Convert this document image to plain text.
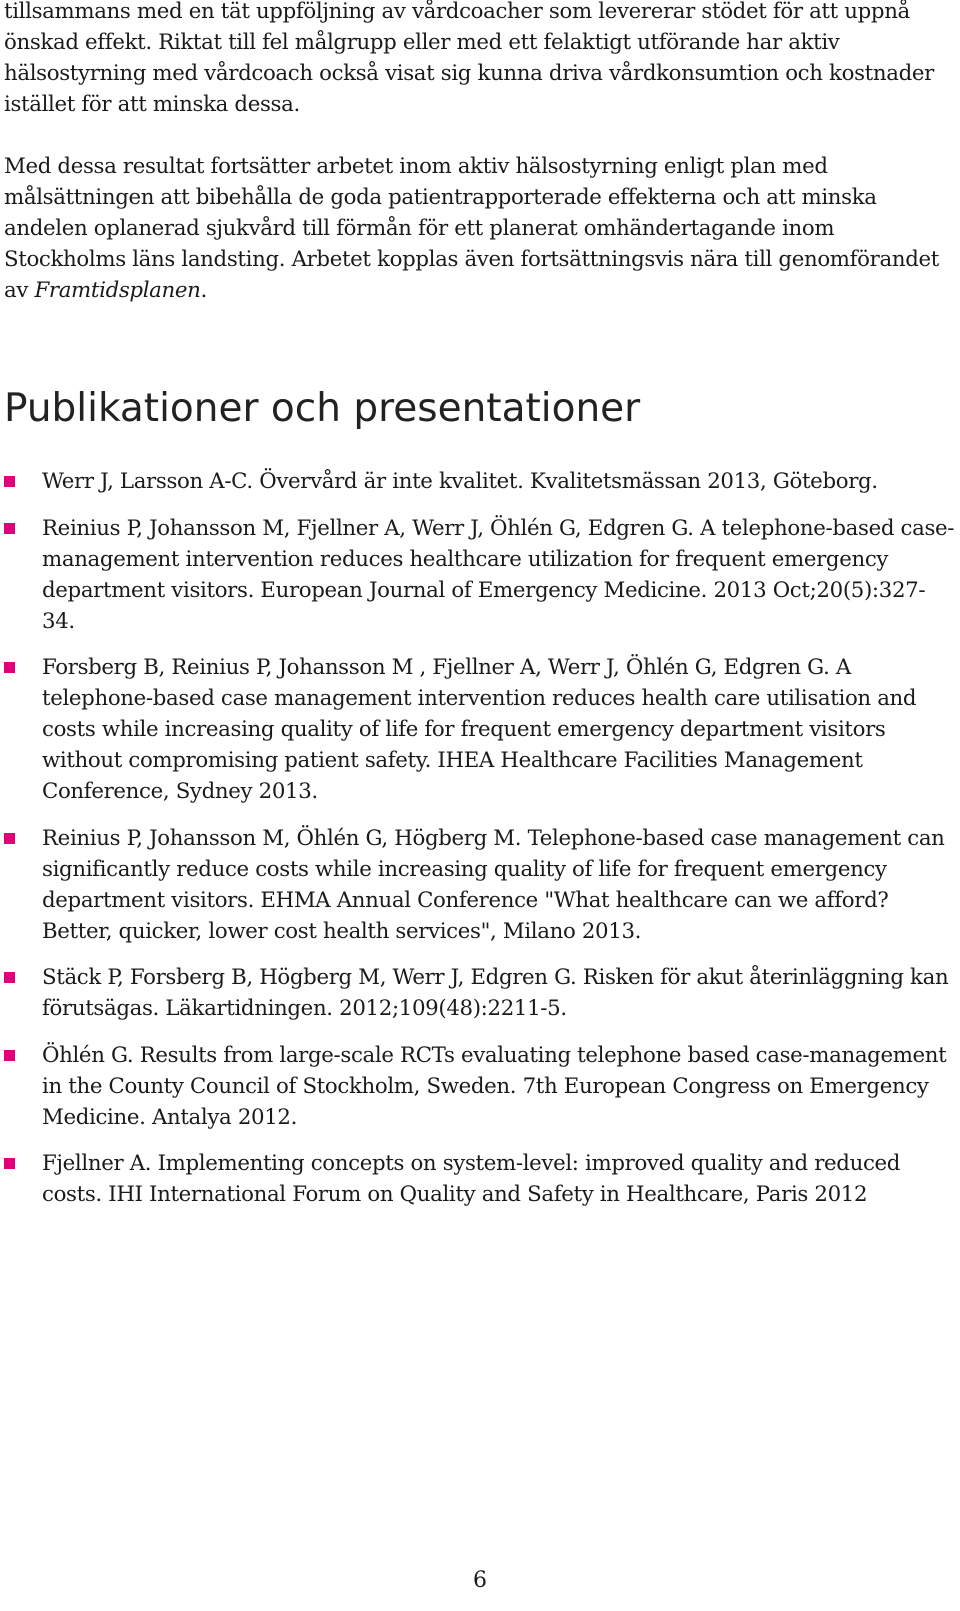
tillsammans med en tät uppföljning av vårdcoacher som levererar stödet för att uppnå önskad effekt. Riktat till fel målgrupp eller med ett felaktigt utförande har aktiv hälsostyrning med vårdcoach också visat sig kunna driva vårdkonsumtion och kostnader istället för att minska dessa.

Med dessa resultat fortsätter arbetet inom aktiv hälsostyrning enligt plan med målsättningen att bibehålla de goda patientrapporterade effekterna och att minska andelen oplanerad sjukvård till förmån för ett planerat omhändertagande inom Stockholms läns landsting. Arbetet kopplas även fortsättningsvis nära till genomförandet av Framtidsplanen.

Publikationer och presentationer
Werr J, Larsson A-C. Övervård är inte kvalitet. Kvalitetsmässan 2013, Göteborg.
Reinius P, Johansson M, Fjellner A, Werr J, Öhlén G, Edgren G. A telephone-based case-management intervention reduces healthcare utilization for frequent emergency department visitors. European Journal of Emergency Medicine. 2013 Oct;20(5):327-34.
Forsberg B, Reinius P, Johansson M , Fjellner A, Werr J, Öhlén G, Edgren G. A telephone-based case management intervention reduces health care utilisation and costs while increasing quality of life for frequent emergency department visitors without compromising patient safety. IHEA Healthcare Facilities Management Conference, Sydney 2013.
Reinius P, Johansson M, Öhlén G, Högberg M. Telephone-based case management can significantly reduce costs while increasing quality of life for frequent emergency department visitors. EHMA Annual Conference "What healthcare can we afford? Better, quicker, lower cost health services", Milano 2013.
Stäck P, Forsberg B, Högberg M, Werr J, Edgren G. Risken för akut återinläggning kan förutsägas. Läkartidningen. 2012;109(48):2211-5.
Öhlén G. Results from large-scale RCTs evaluating telephone based case-management in the County Council of Stockholm, Sweden. 7th European Congress on Emergency Medicine. Antalya 2012.
Fjellner A. Implementing concepts on system-level: improved quality and reduced costs. IHI International Forum on Quality and Safety in Healthcare, Paris 2012
6
